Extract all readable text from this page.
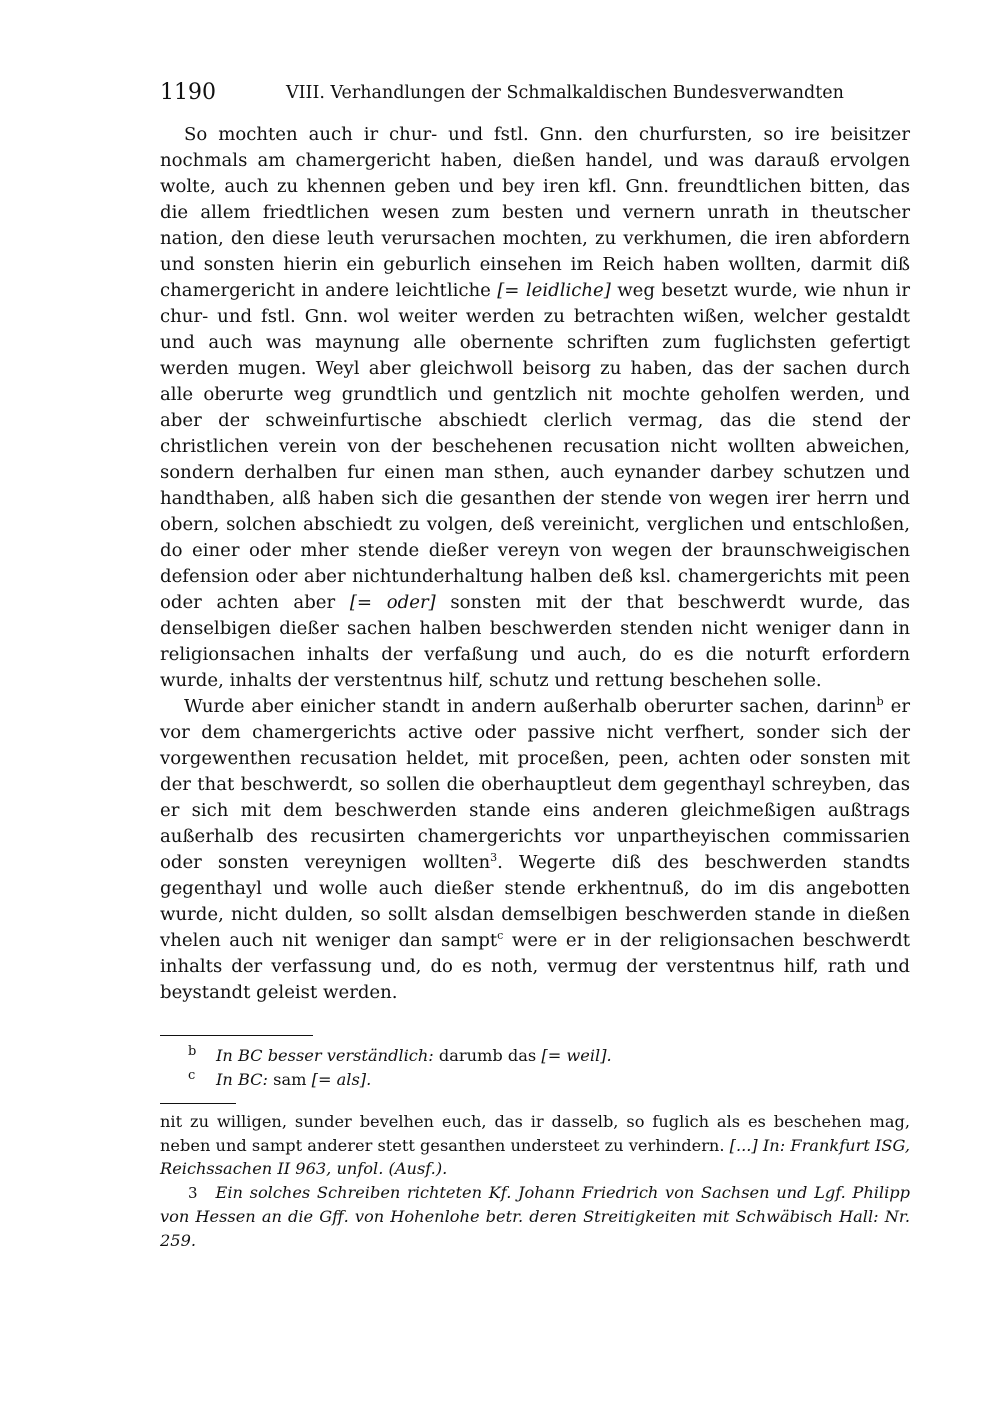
1190	VIII. Verhandlungen der Schmalkaldischen Bundesverwandten

So mochten auch ir chur- und fstl. Gnn. den churfursten, so ire beisitzer nochmals am chamergericht haben, dießen handel, und was darauß ervolgen wolte, auch zu khennen geben und bey iren kfl. Gnn. freundtlichen bitten, das die allem friedtlichen wesen zum besten und vernern unrath in theutscher nation, den diese leuth verursachen mochten, zu verkhumen, die iren abfordern und sonsten hierin ein geburlich einsehen im Reich haben wollten, darmit diß chamergericht in andere leichtliche [= leidliche] weg besetzt wurde, wie nhun ir chur- und fstl. Gnn. wol weiter werden zu betrachten wißen, welcher gestaldt und auch was maynung alle obernente schriften zum fuglichsten gefertigt werden mugen. Weyl aber gleichwoll beisorg zu haben, das der sachen durch alle oberurte weg grundtlich und gentzlich nit mochte geholfen werden, und aber der schweinfurtische abschiedt clerlich vermag, das die stend der christlichen verein von der beschehenen recusation nicht wollten abweichen, sondern derhalben fur einen man sthen, auch eynander darbey schutzen und handthaben, alß haben sich die gesanthen der stende von wegen irer herrn und obern, solchen abschiedt zu volgen, deß vereinicht, verglichen und entschloßen, do einer oder mher stende dießer vereyn von wegen der braunschweigischen defension oder aber nichtunderhaltung halben deß ksl. chamergerichts mit peen oder achten aber [= oder] sonsten mit der that beschwerdt wurde, das denselbigen dießer sachen halben beschwerden stenden nicht weniger dann in religionsachen inhalts der verfaßung und auch, do es die noturft erfordern wurde, inhalts der verstentnus hilf, schutz und rettung beschehen solle.

Wurde aber einicher standt in andern außerhalb oberurter sachen, darinn$^b$ er vor dem chamergerichts active oder passive nicht verfhert, sonder sich der vorgewenthen recusation heldet, mit proceßen, peen, achten oder sonsten mit der that beschwerdt, so sollen die oberhauptleut dem gegenthayl schreyben, das er sich mit dem beschwerden stande eins anderen gleichmeßigen außtrags außerhalb des recusirten chamergerichts vor unpartheyischen commissarien oder sonsten vereynigen wollten$^3$. Wegerte diß des beschwerden standts gegenthayl und wolle auch dießer stende erkhentnuß, do im dis angebotten wurde, nicht dulden, so sollt alsdan demselbigen beschwerden stande in dießen vhelen auch nit weniger dan sampt$^c$ were er in der religionsachen beschwerdt inhalts der verfassung und, do es noth, vermug der verstentnus hilf, rath und beystandt geleist werden.

b In BC besser verständlich: darumb das [= weil].
c In BC: sam [= als].

nit zu willigen, sunder bevelhen euch, das ir dasselb, so fuglich als es beschehen mag, neben und sampt anderer stett gesanthen understeet zu verhindern. [...] In: Frankfurt ISG, Reichssachen II 963, unfol. (Ausf.).

3 Ein solches Schreiben richteten Kf. Johann Friedrich von Sachsen und Lgf. Philipp von Hessen an die Gff. von Hohenlohe betr. deren Streitigkeiten mit Schwäbisch Hall: Nr. 259.
